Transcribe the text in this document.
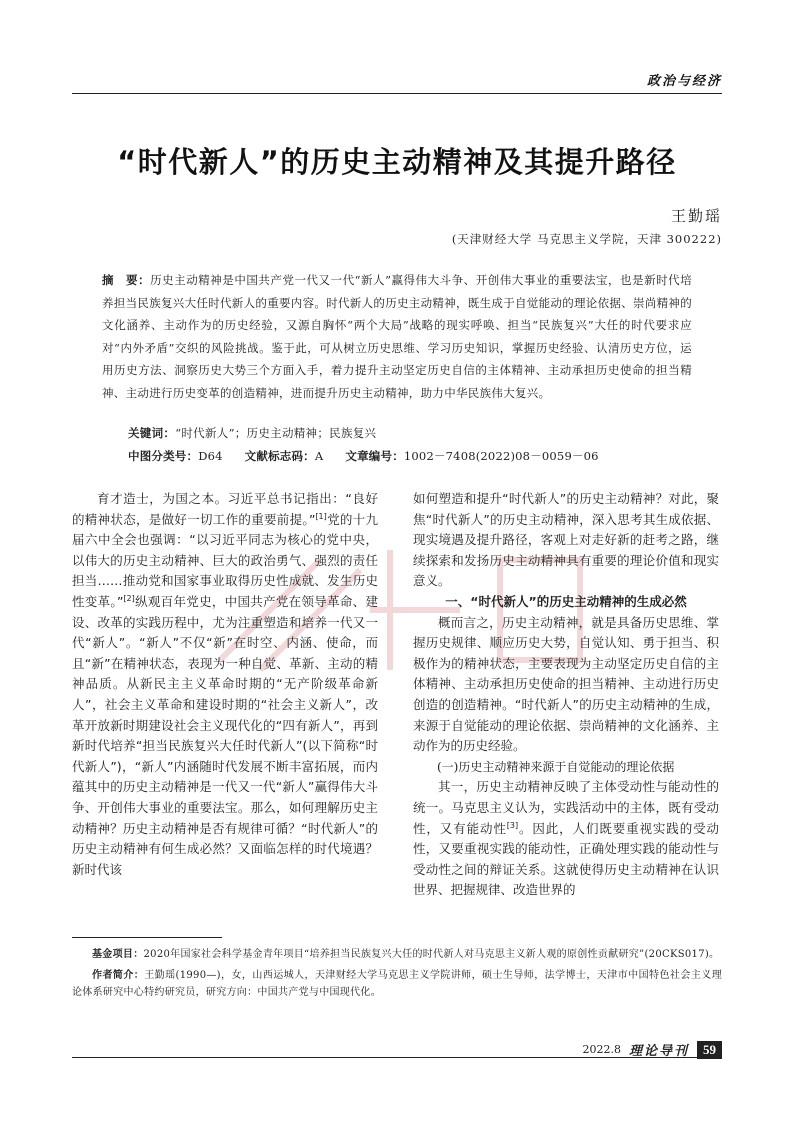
政治与经济
“时代新人”的历史主动精神及其提升路径
王勤瑶
(天津财经大学 马克思主义学院，天津 300222)
摘　要：历史主动精神是中国共产党一代又一代“新人”赢得伟大斗争、开创伟大事业的重要法宝，也是新时代培养担当民族复兴大任时代新人的重要内容。时代新人的历史主动精神，既生成于自觉能动的理论依据、崇尚精神的文化涵养、主动作为的历史经验，又源自胸怀“两个大局”战略的现实呼唤、担当“民族复兴”大任的时代要求应对“内外矛盾”交织的风险挑战。鉴于此，可从树立历史思维、学习历史知识，掌握历史经验、认清历史方位，运用历史方法、洞察历史大势三个方面入手，着力提升主动坚定历史自信的主体精神、主动承担历史使命的担当精神、主动进行历史变革的创造精神，进而提升历史主动精神，助力中华民族伟大复兴。
关键词：“时代新人”；历史主动精神；民族复兴
中图分类号：D64 文献标志码：A 文章编号：1002－7408(2022)08－0059－06

育才造士，为国之本。习近平总书记指出：“良好的精神状态，是做好一切工作的重要前提。”[1]党的十九届六中全会也强调：“以习近平同志为核心的党中央，以伟大的历史主动精神、巨大的政治勇气、强烈的责任担当……推动党和国家事业取得历史性成就、发生历史性变革。”[2]纵观百年党史，中国共产党在领导革命、建设、改革的实践历程中，尤为注重塑造和培养一代又一代“新人”。“新人”不仅“新”在时空、内涵、使命，而且“新”在精神状态，表现为一种自觉、革新、主动的精神品质。从新民主主义革命时期的“无产阶级革命新人”，社会主义革命和建设时期的“社会主义新人”，改革开放新时期建设社会主义现代化的“四有新人”，再到新时代培养“担当民族复兴大任时代新人”(以下简称“时代新人”)，“新人”内涵随时代发展不断丰富拓展，而内蕴其中的历史主动精神是一代又一代“新人”赢得伟大斗争、开创伟大事业的重要法宝。那么，如何理解历史主动精神？历史主动精神是否有规律可循？“时代新人”的历史主动精神有何生成必然？又面临怎样的时代境遇？新时代该

如何塑造和提升“时代新人”的历史主动精神？对此，聚焦“时代新人”的历史主动精神，深入思考其生成依据、现实境遇及提升路径，客观上对走好新的赶考之路，继续探索和发扬历史主动精神具有重要的理论价值和现实意义。

一、“时代新人”的历史主动精神的生成必然

概而言之，历史主动精神，就是具备历史思维、掌握历史规律、顺应历史大势，自觉认知、勇于担当、积极作为的精神状态，主要表现为主动坚定历史自信的主体精神、主动承担历史使命的担当精神、主动进行历史创造的创造精神。“时代新人”的历史主动精神的生成，来源于自觉能动的理论依据、崇尚精神的文化涵养、主动作为的历史经验。

(一)历史主动精神来源于自觉能动的理论依据

其一，历史主动精神反映了主体受动性与能动性的统一。马克思主义认为，实践活动中的主体，既有受动性，又有能动性[3]。因此，人们既要重视实践的受动性，又要重视实践的能动性，正确处理实践的能动性与受动性之间的辩证关系。这就使得历史主动精神在认识世界、把握规律、改造世界的

基金项目：2020年国家社会科学基金青年项目“培养担当民族复兴大任的时代新人对马克思主义新人观的原创性贡献研究”(20CKS017)。

作者简介：王勤瑶(1990—)，女，山西运城人，天津财经大学马克思主义学院讲师，硕士生导师，法学博士，天津市中国特色社会主义理论体系研究中心特约研究员，研究方向：中国共产党与中国现代化。

2022.8 理论导刊	59
